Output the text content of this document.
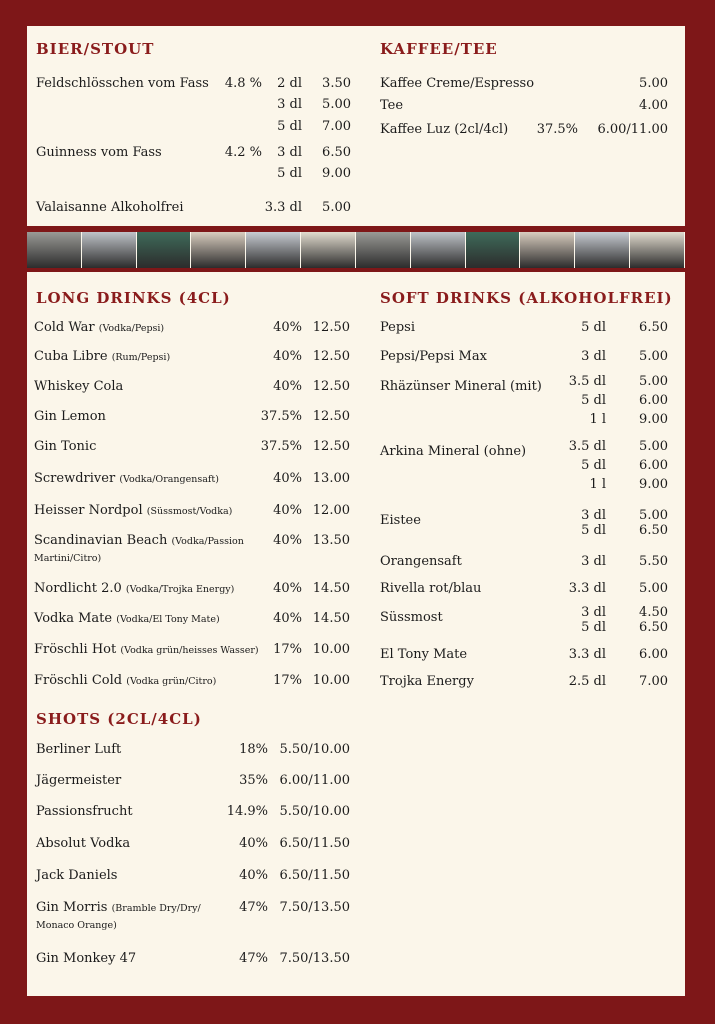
BIER/STOUT
Feldschlösschen vom Fass 4.8 %	2 dl	3.50
3 dl	5.00
5 dl	7.00
Guinness vom Fass	4.2 %	3 dl	6.50
5 dl	9.00
Valaisanne Alkoholfrei	3.3 dl	5.00
KAFFEE/TEE
Kaffee Creme/Espresso	5.00
Tee	4.00
Kaffee Luz (2cl/4cl) 37.5%	6.00/11.00
LONG DRINKS (4CL)
Cold War (Vodka/Pepsi)	40% 12.50
Cuba Libre (Rum/Pepsi)	40% 12.50
Whiskey Cola	40% 12.50
Gin Lemon	37.5% 12.50
Gin Tonic	37.5% 12.50
Screwdriver (Vodka/Orangensaft)	40% 13.00
Heisser Nordpol (Süssmost/Vodka)	40% 12.00
Scandinavian Beach (Vodka/Passion
Martini/Citro)
40% 13.50
Nordlicht 2.0 (Vodka/Trojka Energy)	40% 14.50
Vodka Mate (Vodka/El Tony Mate)	40% 14.50
Fröschli Hot (Vodka grün/heisses Wasser)	17% 10.00
Fröschli Cold (Vodka grün/Citro)	17% 10.00
SHOTS (2CL/4CL)
Berliner Luft	18% 5.50/10.00
Jägermeister	35% 6.00/11.00
Passionsfrucht	14.9% 5.50/10.00
Absolut Vodka	40% 6.50/11.50
Jack Daniels	40% 6.50/11.50
Gin Morris (Bramble Dry/Dry/
Monaco Orange)
47% 7.50/13.50
Gin Monkey 47	47% 7.50/13.50
SOFT DRINKS (ALKOHOLFREI)
Pepsi	5 dl	6.50
Pepsi/Pepsi Max	3 dl	5.00
Rhäzünser Mineral (mit)	3.5 dl	5.00
5 dl	6.00
1 l	9.00
Arkina Mineral (ohne)	3.5 dl	5.00
5 dl	6.00
1 l	9.00
Eistee	3 dl	5.00
5 dl	6.50
Orangensaft	3 dl	5.50
Rivella rot/blau	3.3 dl	5.00
Süssmost	3 dl	4.50
5 dl	6.50
El Tony Mate	3.3 dl	6.00
Trojka Energy	2.5 dl	7.00
